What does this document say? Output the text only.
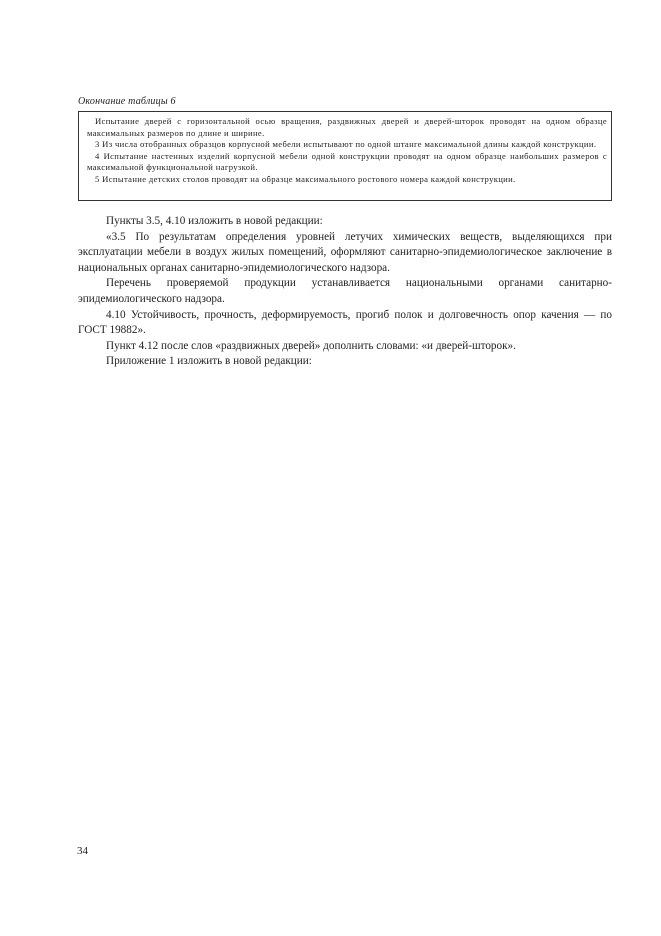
Окончание таблицы 6

Испытание дверей с горизонтальной осью вращения, раздвижных дверей и дверей-шторок проводят на одном образце максимальных размеров по длине и ширине.

3 Из числа отобранных образцов корпусной мебели испытывают по одной штанге максимальной длины каждой конструкции.

4 Испытание настенных изделий корпусной мебели одной конструкции проводят на одном образце наибольших размеров с максимальной функциональной нагрузкой.

5 Испытание детских столов проводят на образце максимального ростового номера каждой конструкции.

Пункты 3.5, 4.10 изложить в новой редакции:

«3.5 По результатам определения уровней летучих химических веществ, выделяющихся при эксплуатации мебели в воздух жилых помещений, оформляют санитарно-эпидемиологическое заключение в национальных органах санитарно-эпидемиологического надзора.

Перечень проверяемой продукции устанавливается национальными органами санитарно-эпидемиологического надзора.

4.10 Устойчивость, прочность, деформируемость, прогиб полок и долговечность опор качения — по ГОСТ 19882».

Пункт 4.12 после слов «раздвижных дверей» дополнить словами: «и дверей-шторок».

Приложение 1 изложить в новой редакции:

34
